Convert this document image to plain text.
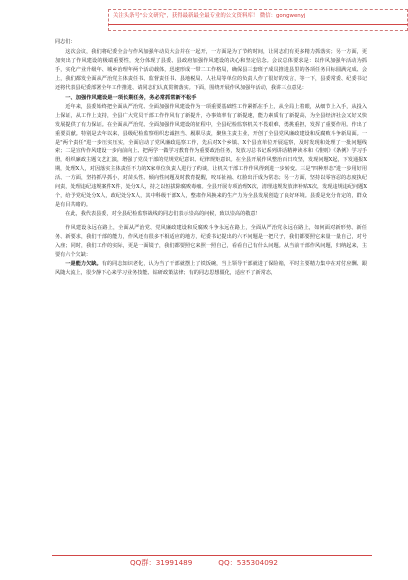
关注头条号"公文研究"，获得最新最全最专业的公文资料库！ 微信：gongwenyj
同志们：

这次会议，我们将纪委全会与作风加强年动员大会并在一起开，一方面是为了节约时间，让同志们有更多精力抓落实；另一方面，更加突出了作风建设的极端重要性，充分体现了县委、县政府加强作风建设的决心和坚定信念。会议总体要求是：以作风加强年活动为抓手，实化产业升级年、城乡治理年两个活动载体，迅速形成一带二工作格局，确保县三套班子成员推进县里的各项任务目标圆满完成、会上，我们都发全面从严治党主体责任书、监督责任书、县地税局、人社局等单位的负责人作了很好的发言，等一下，县委常委、纪委书记还将代表县纪委部署全年工作推进、请同志们认真贯彻落实。下面，围绕开展作风加强年活动，我讲三点意见：

一、加强作风建设是一项长期任务，务必常抓常新不松手

近年来，县委始终把全面从严治党、全面加强作风建设作为一项重要基础性工作紧抓在手上，从全局上着眼，从细节上入手，从投入上保证，从工作上支持，全县广大党员干部工作作风有了新提升，办事效率有了新提速，能力素质有了新提高，为全县经济社会又好又快发展提供了有力保证。在全面从严治党、全面加强作风建设的征程中，全县纪检监察机关不畏艰难，勇挑重担，发挥了重要作用。作出了重要贡献。特别是去年以来，县级纪检监察组织忠诚担当、履职尽责，聚焦主责主业，开创了全县党风廉政建设和反腐败斗争新局面。一是"两个责任"进一步压实压实，全面启动了党风廉政巡察工作，先后对X个乡镇、X个县直单位开展巡察，及时发现和处理了一批问题线索；二是宣传作风建设一步向前向上、把两学一做学习教育作为重要政治任务，发放习总书记系列讲话精神读本和《准则》《条例》学习手册，组织廉政主题文艺汇演，增强了党员干部的党规党纪意识、纪律规矩意识。在全县开展作风整治百日攻坚，发现问题X起，下发通报X期，处理X人，对因落实主体责任不力的X家单位负责人进行了约谈，让机关干部工作作风得到进一步转变。三是"四种形态"进一步用好用活、一方面，坚持抓早抓小，对苗头性、倾向性问题及时教育提醒，咬耳扯袖、红脸出汗成为常态；另一方面，坚持以零容忍的态度执纪问责，处理违纪违规案件X件，处分X人，持之以恒拔除腐败毒瘤。全县开展专项治理X次，清理违规发放津补贴X次，发现违规违纪问题X个，给予党纪处分X人，政纪处分X人，其中科级干部X人，整肃作风换来的生产力为全县发展创造了良好环境。县委是充分肯定的，群众是有目共睹的。

在此，我代表县委，对全县纪检监察战线的同志们表示崇高的问候，致以崇高的敬意！

作风建设永远在路上，全面从严治党、党风廉政建设和反腐败斗争永远在路上，全面从严治党永远在路上，如何面对新形势、新任务、新要求，我们干部的能力，作风还有很多不相适应的地方，纪委书记提出的六不问题是一把尺子，我们都要照它来量一量自己，对号入座；同时，我们工作的实际，更是一面镜子，我们都要照它来照一照自己，看看自己有什么问题。从当前干部作风问题，归纳起来，主要有六个欠缺：

一是能力欠缺。有的同志知识老化，认为当了干部就摆上了铁饭碗，当上领导干部就进了保险箱，平时主要精力集中在对付应酬、跟风随大流上，很少静下心来学习业务技能、钻研政策法律；有的同志思想僵化，适应不了新常态，

QQ群：31991489	QQ：535304092
